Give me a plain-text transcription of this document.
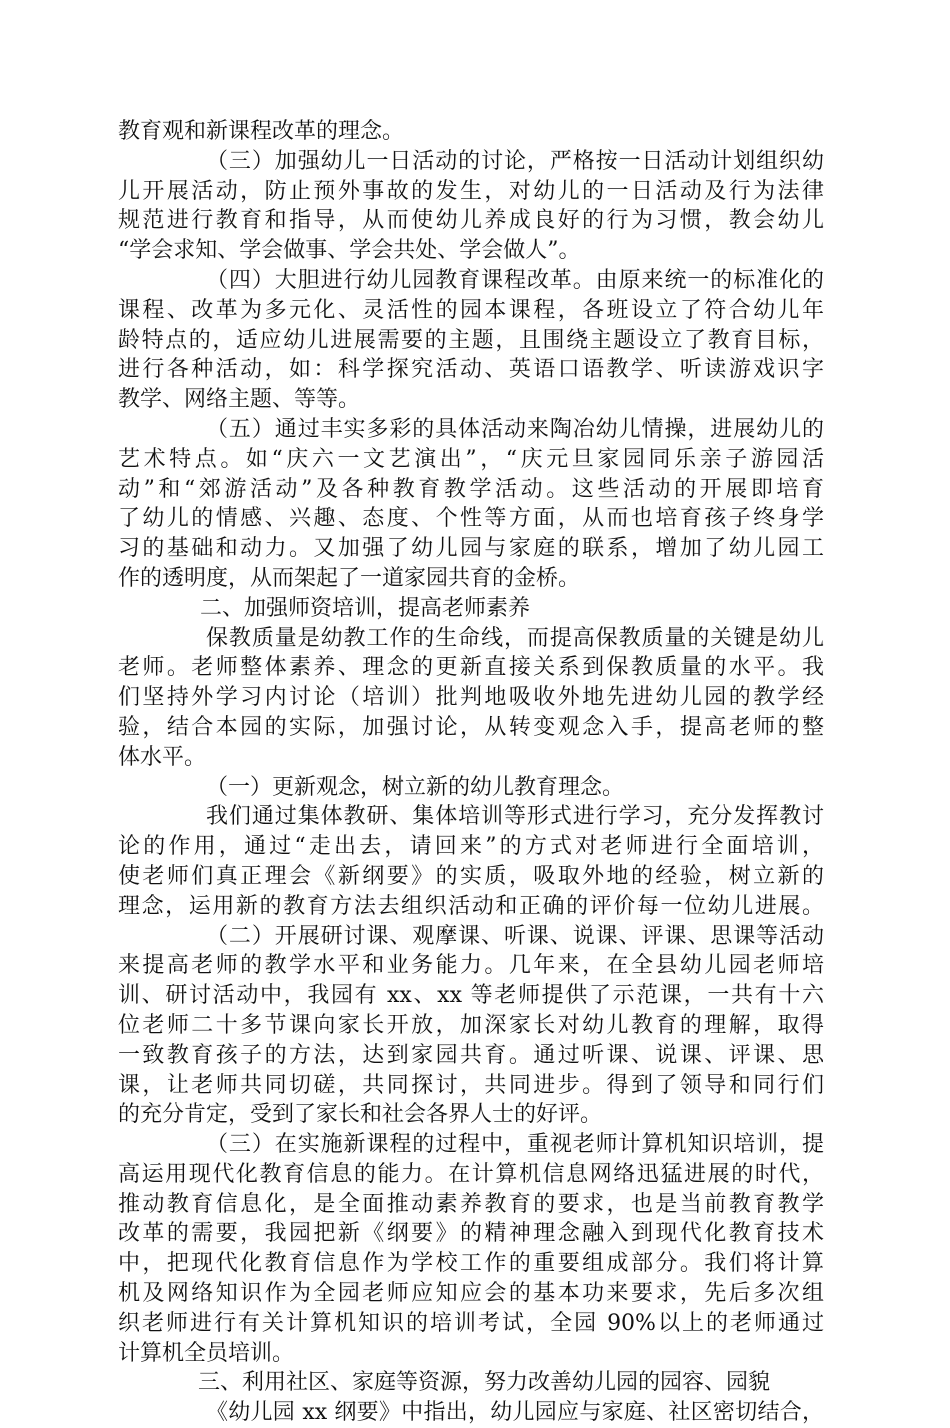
教育观和新课程改革的理念。
（三）加强幼儿一日活动的讨论，严格按一日活动计划组织幼
儿开展活动，防止预外事故的发生，对幼儿的一日活动及行为法律
规范进行教育和指导，从而使幼儿养成良好的行为习惯，教会幼儿
“学会求知、学会做事、学会共处、学会做人”。
（四）大胆进行幼儿园教育课程改革。由原来统一的标准化的
课程、改革为多元化、灵活性的园本课程，各班设立了符合幼儿年
龄特点的，适应幼儿进展需要的主题，且围绕主题设立了教育目标，
进行各种活动，如：科学探究活动、英语口语教学、听读游戏识字
教学、网络主题、等等。
（五）通过丰实多彩的具体活动来陶冶幼儿情操，进展幼儿的
艺术特点。如“庆六一文艺演出”，“庆元旦家园同乐亲子游园活
动”和“郊游活动”及各种教育教学活动。这些活动的开展即培育
了幼儿的情感、兴趣、态度、个性等方面，从而也培育孩子终身学
习的基础和动力。又加强了幼儿园与家庭的联系，增加了幼儿园工
作的透明度，从而架起了一道家园共育的金桥。
二、加强师资培训，提高老师素养
保教质量是幼教工作的生命线，而提高保教质量的关键是幼儿
老师。老师整体素养、理念的更新直接关系到保教质量的水平。我
们坚持外学习内讨论（培训）批判地吸收外地先进幼儿园的教学经
验，结合本园的实际，加强讨论，从转变观念入手，提高老师的整
体水平。
（一）更新观念，树立新的幼儿教育理念。
我们通过集体教研、集体培训等形式进行学习，充分发挥教讨
论的作用，通过“走出去，请回来”的方式对老师进行全面培训，
使老师们真正理会《新纲要》的实质，吸取外地的经验，树立新的
理念，运用新的教育方法去组织活动和正确的评价每一位幼儿进展。
（二）开展研讨课、观摩课、听课、说课、评课、思课等活动
来提高老师的教学水平和业务能力。几年来，在全县幼儿园老师培
训、研讨活动中，我园有 xx、xx 等老师提供了示范课，一共有十六
位老师二十多节课向家长开放，加深家长对幼儿教育的理解，取得
一致教育孩子的方法，达到家园共育。通过听课、说课、评课、思
课，让老师共同切磋，共同探讨，共同进步。得到了领导和同行们
的充分肯定，受到了家长和社会各界人士的好评。
（三）在实施新课程的过程中，重视老师计算机知识培训，提
高运用现代化教育信息的能力。在计算机信息网络迅猛进展的时代，
推动教育信息化，是全面推动素养教育的要求，也是当前教育教学
改革的需要，我园把新《纲要》的精神理念融入到现代化教育技术
中，把现代化教育信息作为学校工作的重要组成部分。我们将计算
机及网络知识作为全园老师应知应会的基本功来要求，先后多次组
织老师进行有关计算机知识的培训考试，全园 90%以上的老师通过
计算机全员培训。
三、利用社区、家庭等资源，努力改善幼儿园的园容、园貌
《幼儿园 xx 纲要》中指出，幼儿园应与家庭、社区密切结合，
